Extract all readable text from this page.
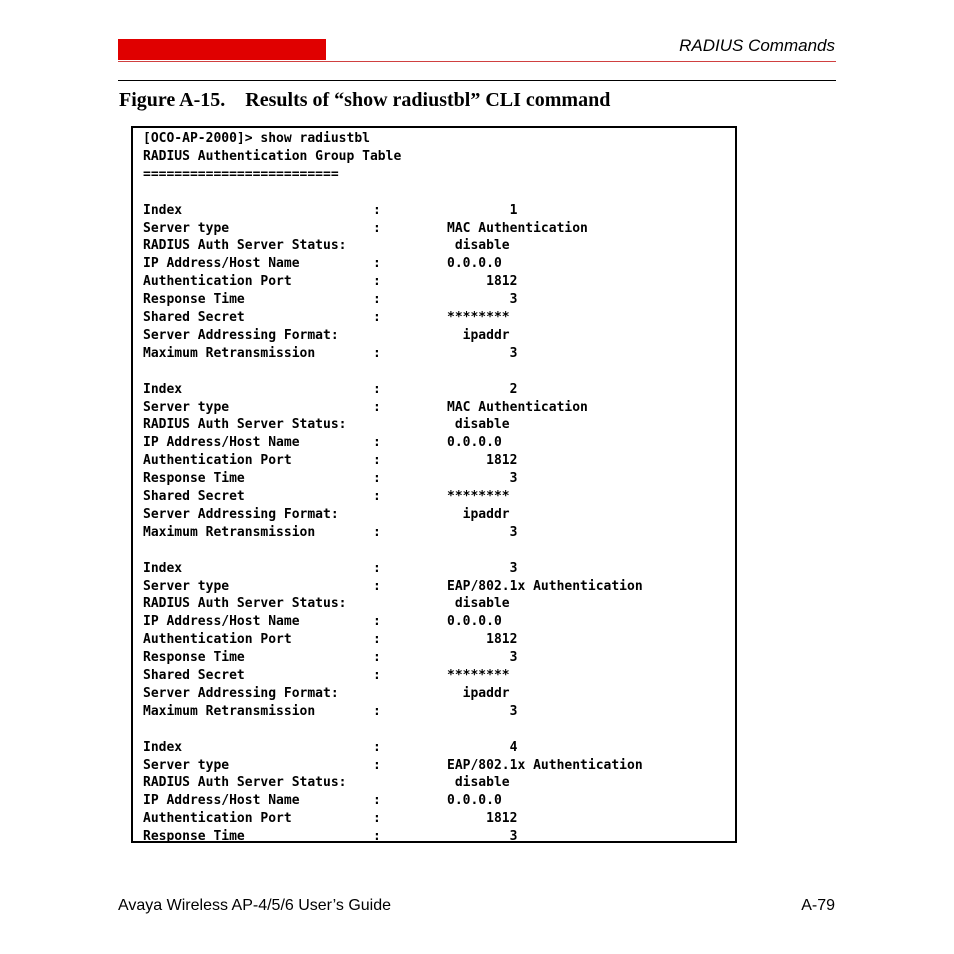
RADIUS Commands
Figure A-15.    Results of “show radiustbl” CLI command
[OCO-AP-2000]> show radiustbl
RADIUS Authentication Group Table
=========================
Index	:	1
Server type	:	MAC Authentication
RADIUS Auth Server Status:	disable
IP Address/Host Name	:	0.0.0.0
Authentication Port	:	1812
Response Time	:	3
Shared Secret	:	********
Server Addressing Format:	ipaddr
Maximum Retransmission	:	3
Index	:	2
Server type	:	MAC Authentication
RADIUS Auth Server Status:	disable
IP Address/Host Name	:	0.0.0.0
Authentication Port	:	1812
Response Time	:	3
Shared Secret	:	********
Server Addressing Format:	ipaddr
Maximum Retransmission	:	3
Index	:	3
Server type	:	EAP/802.1x Authentication
RADIUS Auth Server Status:	disable
IP Address/Host Name	:	0.0.0.0
Authentication Port	:	1812
Response Time	:	3
Shared Secret	:	********
Server Addressing Format:	ipaddr
Maximum Retransmission	:	3
Index	:	4
Server type	:	EAP/802.1x Authentication
RADIUS Auth Server Status:	disable
IP Address/Host Name	:	0.0.0.0
Authentication Port	:	1812
Response Time	:	3
Avaya Wireless AP-4/5/6 User’s Guide	A-79
